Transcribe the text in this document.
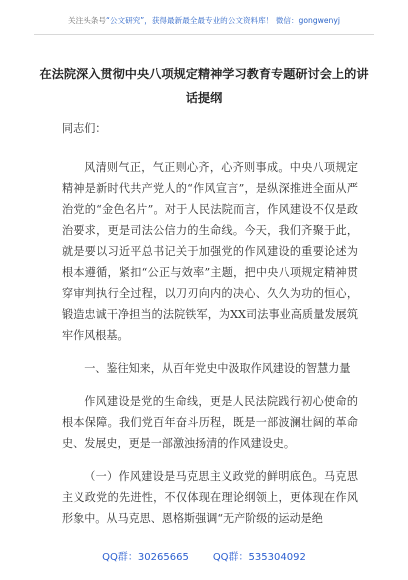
关注头条号“公文研究”，获得最新最全最专业的公文资料库！ 微信：gongwenyj
在法院深入贯彻中央八项规定精神学习教育专题研讨会上的讲话提纲

同志们：

风清则气正，气正则心齐，心齐则事成。中央八项规定精神是新时代共产党人的“作风宣言”，是纵深推进全面从严治党的“金色名片”。对于人民法院而言，作风建设不仅是政治要求，更是司法公信力的生命线。今天，我们齐聚于此，就是要以习近平总书记关于加强党的作风建设的重要论述为根本遵循，紧扣“公正与效率”主题，把中央八项规定精神贯穿审判执行全过程，以刀刃向内的决心、久久为功的恒心，锻造忠诚干净担当的法院铁军，为XX司法事业高质量发展筑牢作风根基。

一、鉴往知来，从百年党史中汲取作风建设的智慧力量

作风建设是党的生命线，更是人民法院践行初心使命的根本保障。我们党百年奋斗历程，既是一部波澜壮阔的革命史、发展史，更是一部激浊扬清的作风建设史。

（一）作风建设是马克思主义政党的鲜明底色。马克思主义政党的先进性，不仅体现在理论纲领上，更体现在作风形象中。从马克思、恩格斯强调“无产阶级的运动是绝

QQ群：30265665 QQ群：535304092
